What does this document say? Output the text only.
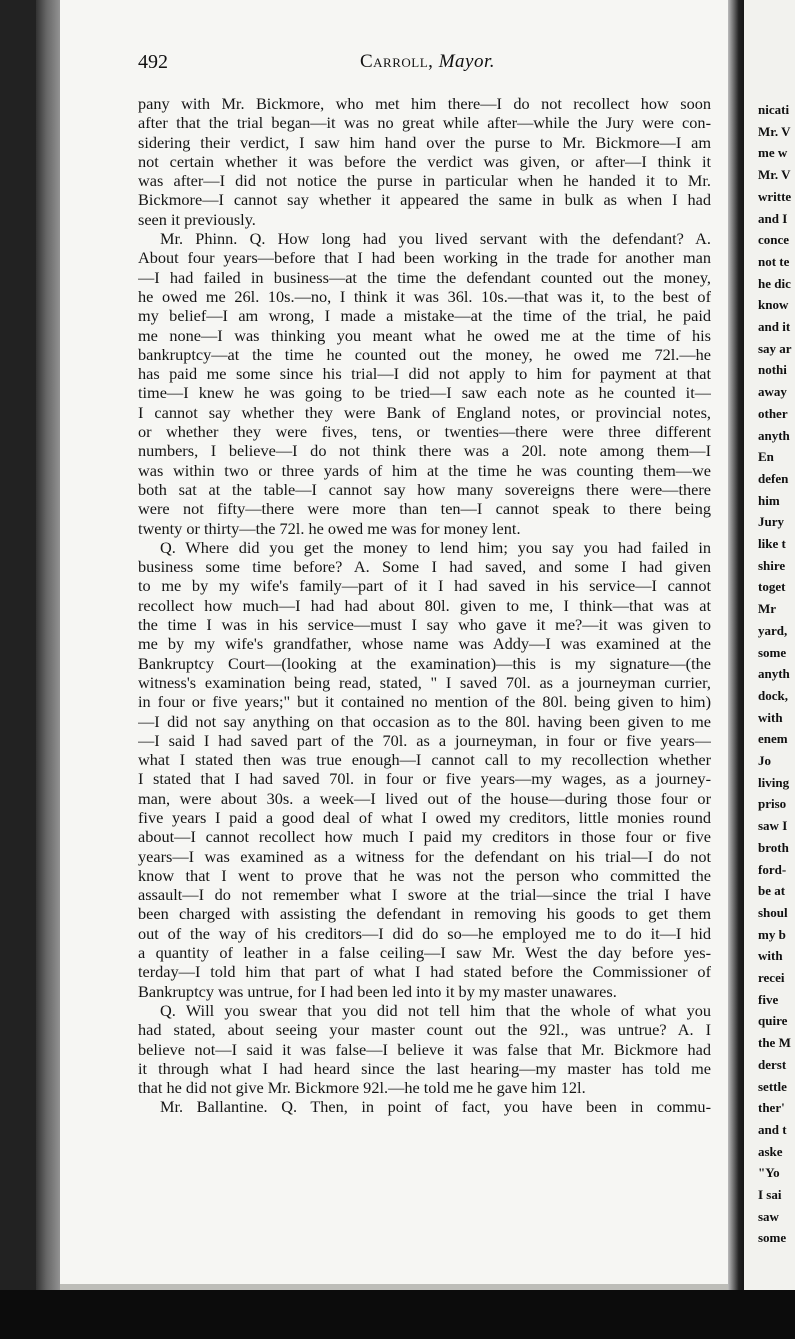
nicati
Mr. V
me w
Mr. V
writte
and I
conce
not te
he dic
know
and it
say ar
nothi
away
other
anyth
En
defen
him
Jury
like t
shire
toget
Mr
yard,
some
anyth
dock,
with
enem
Jo
living
priso
saw I
broth
ford-
be at
shoul
my b
with
recei
five
quire
the M
derst
settle
ther'
and t
aske
"Yo
I sai
saw
some
492	Carroll, Mayor.
pany with Mr. Bickmore, who met him there—I do not recollect how soon
after that the trial began—it was no great while after—while the Jury were con-
sidering their verdict, I saw him hand over the purse to Mr. Bickmore—I am
not certain whether it was before the verdict was given, or after—I think it
was after—I did not notice the purse in particular when he handed it to Mr.
Bickmore—I cannot say whether it appeared the same in bulk as when I had
seen it previously.
Mr. Phinn. Q. How long had you lived servant with the defendant? A.
About four years—before that I had been working in the trade for another man
—I had failed in business—at the time the defendant counted out the money,
he owed me 26l. 10s.—no, I think it was 36l. 10s.—that was it, to the best of
my belief—I am wrong, I made a mistake—at the time of the trial, he paid
me none—I was thinking you meant what he owed me at the time of his
bankruptcy—at the time he counted out the money, he owed me 72l.—he
has paid me some since his trial—I did not apply to him for payment at that
time—I knew he was going to be tried—I saw each note as he counted it—
I cannot say whether they were Bank of England notes, or provincial notes,
or whether they were fives, tens, or twenties—there were three different
numbers, I believe—I do not think there was a 20l. note among them—I
was within two or three yards of him at the time he was counting them—we
both sat at the table—I cannot say how many sovereigns there were—there
were not fifty—there were more than ten—I cannot speak to there being
twenty or thirty—the 72l. he owed me was for money lent.
Q. Where did you get the money to lend him; you say you had failed in
business some time before? A. Some I had saved, and some I had given
to me by my wife's family—part of it I had saved in his service—I cannot
recollect how much—I had had about 80l. given to me, I think—that was at
the time I was in his service—must I say who gave it me?—it was given to
me by my wife's grandfather, whose name was Addy—I was examined at the
Bankruptcy Court—(looking at the examination)—this is my signature—(the
witness's examination being read, stated, " I saved 70l. as a journeyman currier,
in four or five years;" but it contained no mention of the 80l. being given to him)
—I did not say anything on that occasion as to the 80l. having been given to me
—I said I had saved part of the 70l. as a journeyman, in four or five years—
what I stated then was true enough—I cannot call to my recollection whether
I stated that I had saved 70l. in four or five years—my wages, as a journey-
man, were about 30s. a week—I lived out of the house—during those four or
five years I paid a good deal of what I owed my creditors, little monies round
about—I cannot recollect how much I paid my creditors in those four or five
years—I was examined as a witness for the defendant on his trial—I do not
know that I went to prove that he was not the person who committed the
assault—I do not remember what I swore at the trial—since the trial I have
been charged with assisting the defendant in removing his goods to get them
out of the way of his creditors—I did do so—he employed me to do it—I hid
a quantity of leather in a false ceiling—I saw Mr. West the day before yes-
terday—I told him that part of what I had stated before the Commissioner of
Bankruptcy was untrue, for I had been led into it by my master unawares.
Q. Will you swear that you did not tell him that the whole of what you
had stated, about seeing your master count out the 92l., was untrue? A. I
believe not—I said it was false—I believe it was false that Mr. Bickmore had
it through what I had heard since the last hearing—my master has told me
that he did not give Mr. Bickmore 92l.—he told me he gave him 12l.
Mr. Ballantine. Q. Then, in point of fact, you have been in commu-
